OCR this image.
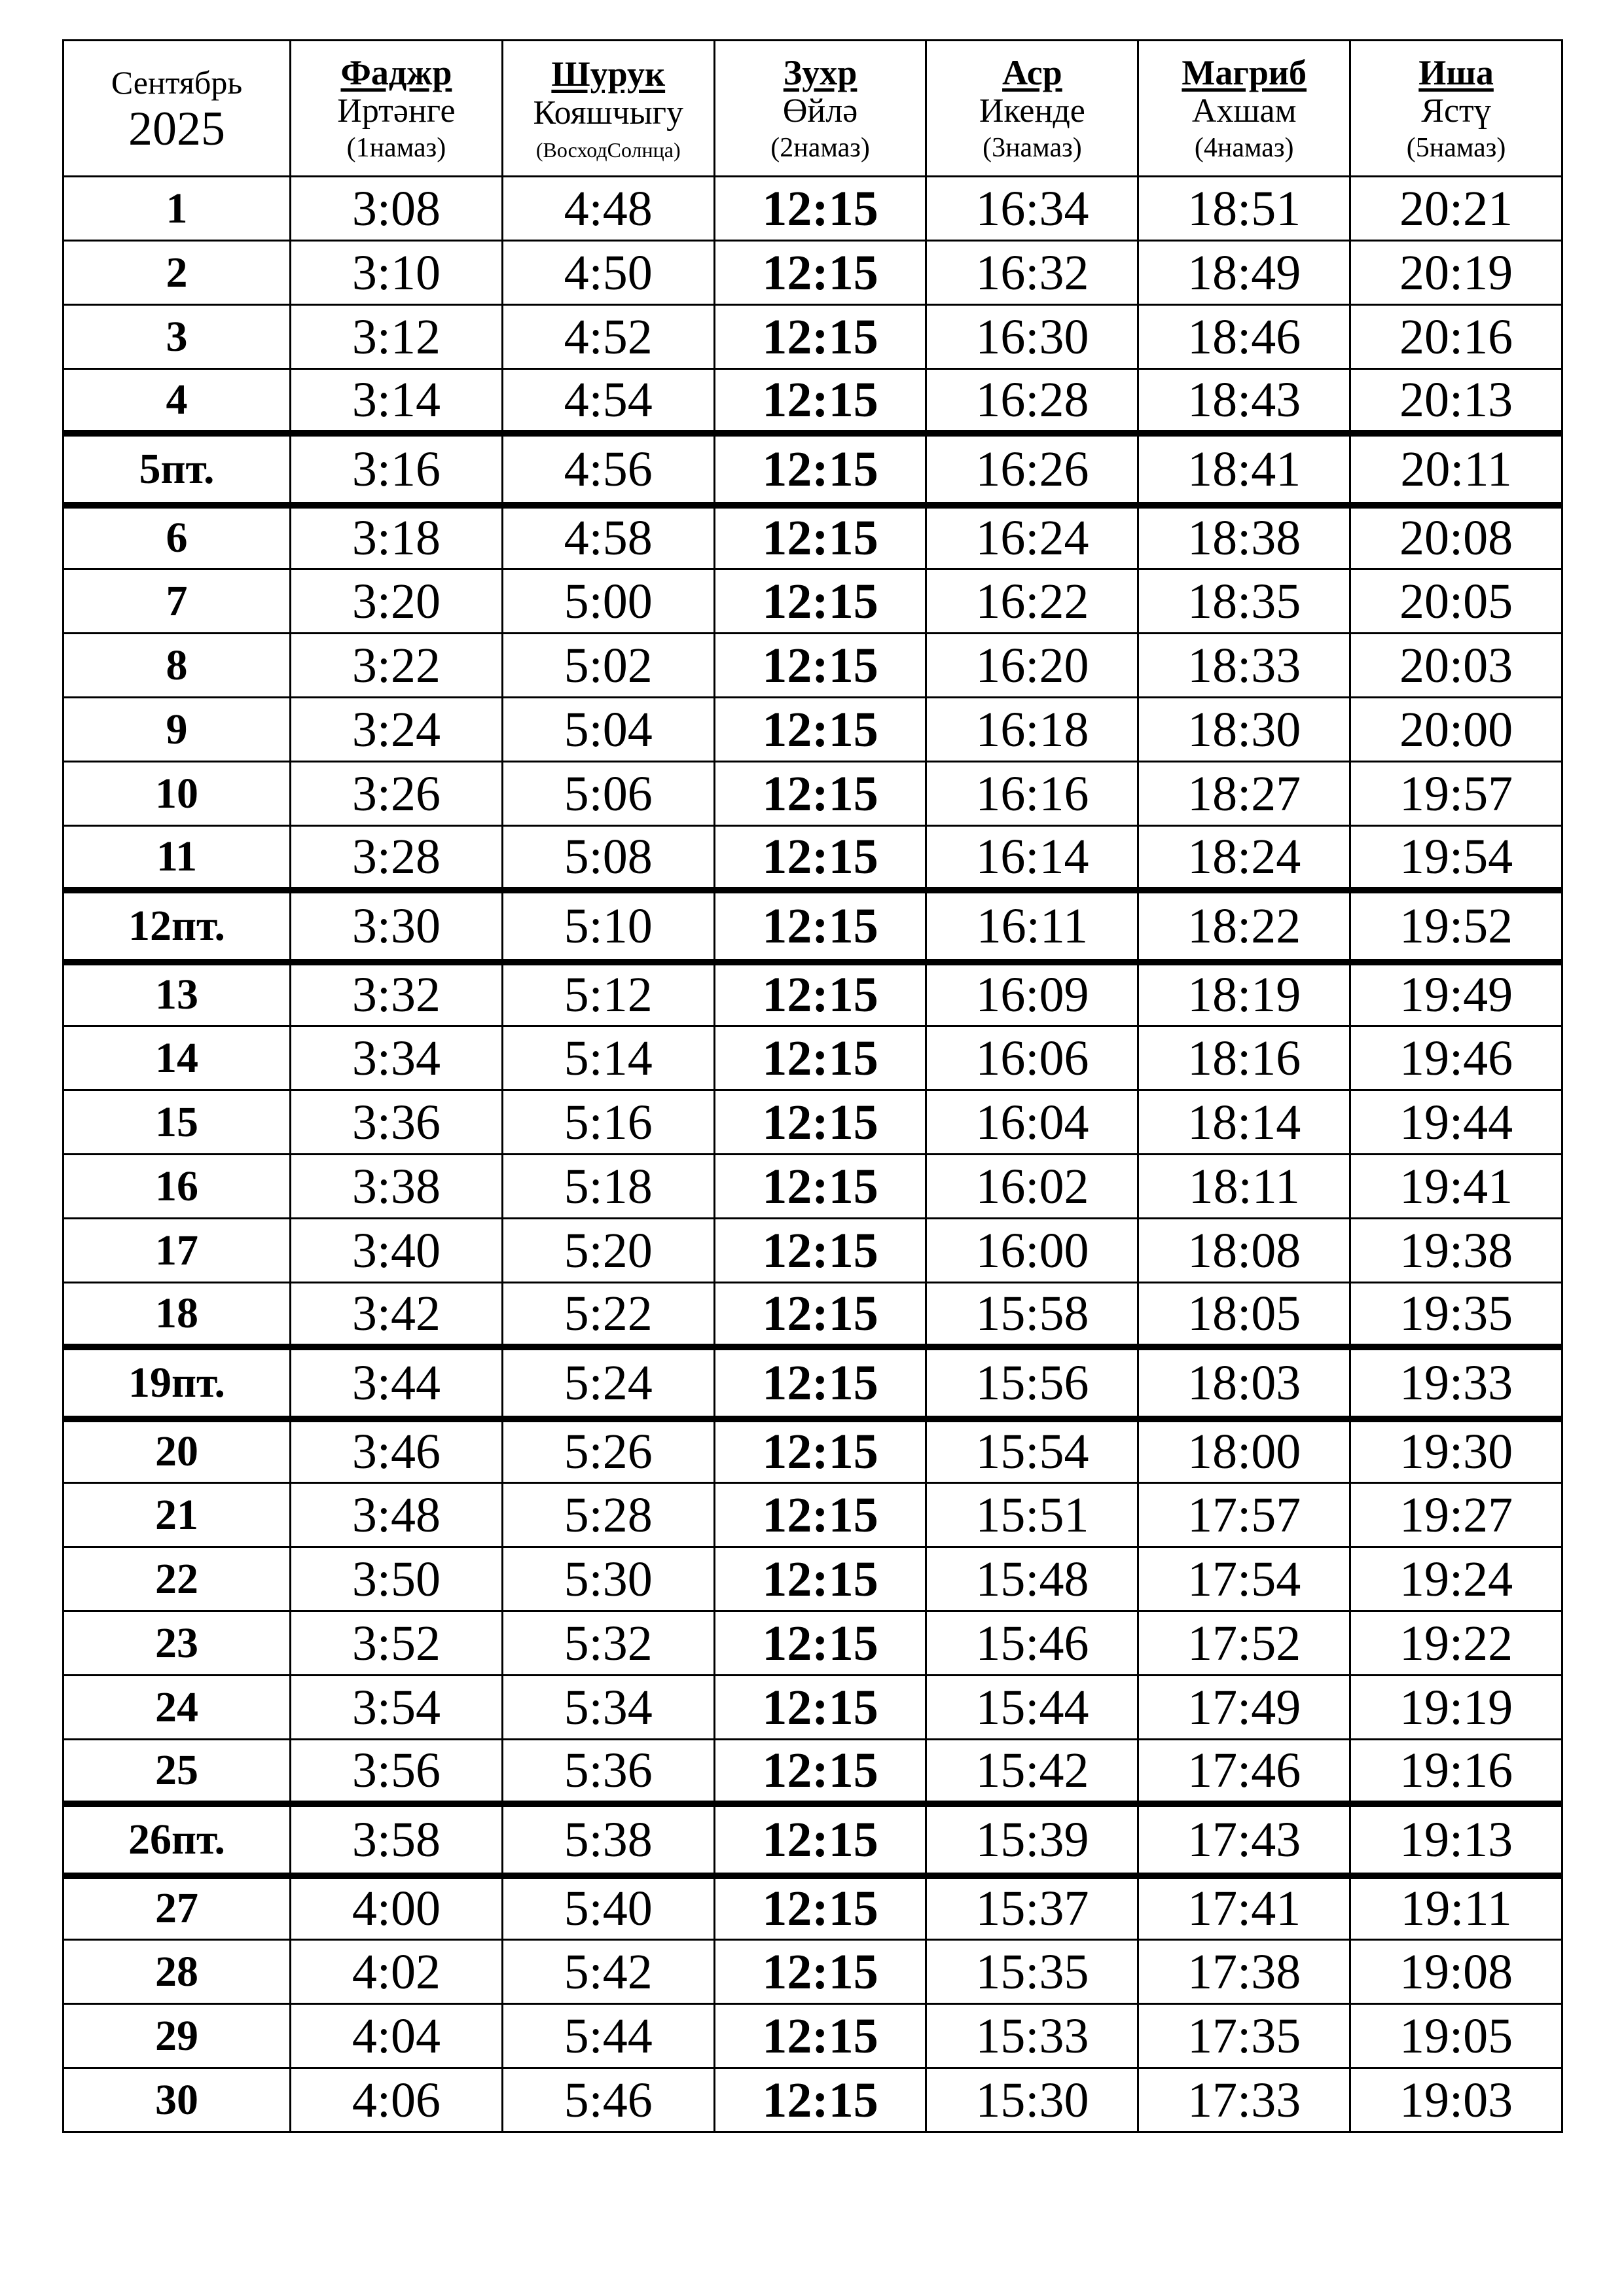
Сентябрь
2025	Фаджр
Иртәнге
(1намаз)	Шурук
Кояшчыгу
(ВосходСолнца)	Зухр
Өйлә
(2намаз)	Аср
Икенде
(3намаз)	Магриб
Ахшам
(4намаз)	Иша
Ястү
(5намаз)

1	3:08	4:48	12:15	16:34	18:51	20:21
2	3:10	4:50	12:15	16:32	18:49	20:19
3	3:12	4:52	12:15	16:30	18:46	20:16
4	3:14	4:54	12:15	16:28	18:43	20:13
5пт.	3:16	4:56	12:15	16:26	18:41	20:11
6	3:18	4:58	12:15	16:24	18:38	20:08
7	3:20	5:00	12:15	16:22	18:35	20:05
8	3:22	5:02	12:15	16:20	18:33	20:03
9	3:24	5:04	12:15	16:18	18:30	20:00
10	3:26	5:06	12:15	16:16	18:27	19:57
11	3:28	5:08	12:15	16:14	18:24	19:54
12пт.	3:30	5:10	12:15	16:11	18:22	19:52
13	3:32	5:12	12:15	16:09	18:19	19:49
14	3:34	5:14	12:15	16:06	18:16	19:46
15	3:36	5:16	12:15	16:04	18:14	19:44
16	3:38	5:18	12:15	16:02	18:11	19:41
17	3:40	5:20	12:15	16:00	18:08	19:38
18	3:42	5:22	12:15	15:58	18:05	19:35
19пт.	3:44	5:24	12:15	15:56	18:03	19:33
20	3:46	5:26	12:15	15:54	18:00	19:30
21	3:48	5:28	12:15	15:51	17:57	19:27
22	3:50	5:30	12:15	15:48	17:54	19:24
23	3:52	5:32	12:15	15:46	17:52	19:22
24	3:54	5:34	12:15	15:44	17:49	19:19
25	3:56	5:36	12:15	15:42	17:46	19:16
26пт.	3:58	5:38	12:15	15:39	17:43	19:13
27	4:00	5:40	12:15	15:37	17:41	19:11
28	4:02	5:42	12:15	15:35	17:38	19:08
29	4:04	5:44	12:15	15:33	17:35	19:05
30	4:06	5:46	12:15	15:30	17:33	19:03
